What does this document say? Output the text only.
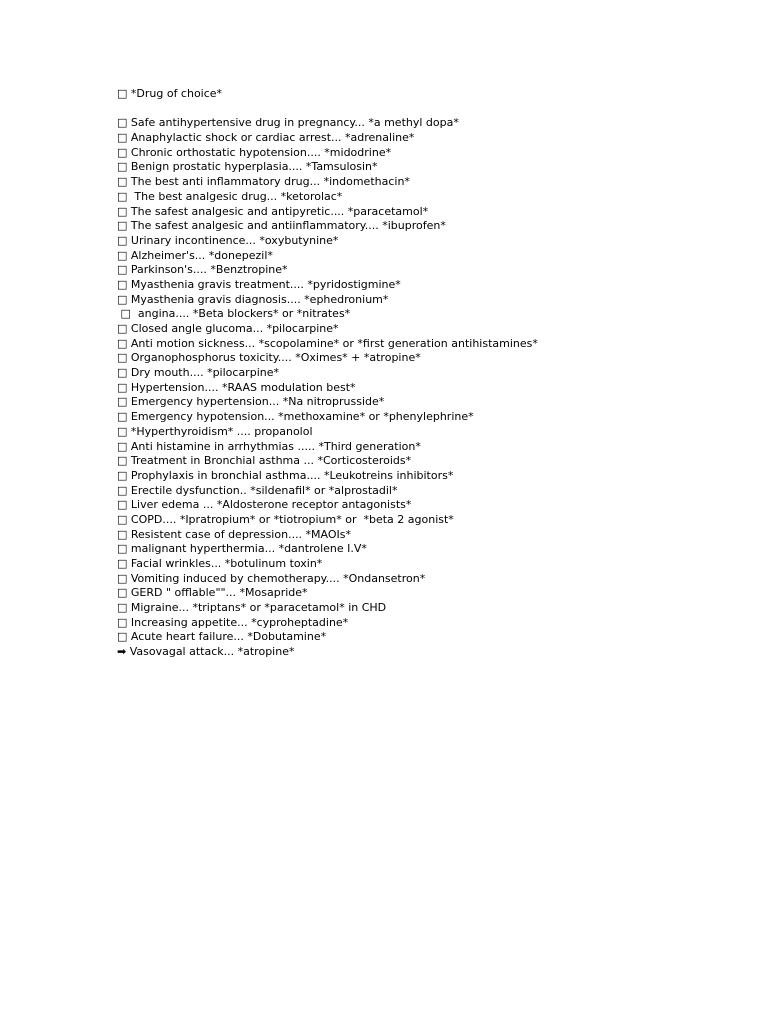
□ *Drug of choice*
□ Safe antihypertensive drug in pregnancy... *a methyl dopa*
□ Anaphylactic shock or cardiac arrest... *adrenaline*
□ Chronic orthostatic hypotension.... *midodrine*
□ Benign prostatic hyperplasia.... *Tamsulosin*
□ The best anti inflammatory drug... *indomethacin*
□  The best analgesic drug... *ketorolac*
□ The safest analgesic and antipyretic.... *paracetamol*
□ The safest analgesic and antiinflammatory.... *ibuprofen*
□ Urinary incontinence... *oxybutynine*
□ Alzheimer's... *donepezil*
□ Parkinson's.... *Benztropine*
□ Myasthenia gravis treatment.... *pyridostigmine*
□ Myasthenia gravis diagnosis.... *ephedronium*
□  angina.... *Beta blockers* or *nitrates*
□ Closed angle glucoma... *pilocarpine*
□ Anti motion sickness... *scopolamine* or *first generation antihistamines*
□ Organophosphorus toxicity.... *Oximes* + *atropine*
□ Dry mouth.... *pilocarpine*
□ Hypertension.... *RAAS modulation best*
□ Emergency hypertension... *Na nitroprusside*
□ Emergency hypotension... *methoxamine* or *phenylephrine*
□ *Hyperthyroidism* .... propanolol
□ Anti histamine in arrhythmias ..... *Third generation*
□ Treatment in Bronchial asthma ... *Corticosteroids*
□ Prophylaxis in bronchial asthma.... *Leukotreins inhibitors*
□ Erectile dysfunction.. *sildenafil* or *alprostadil*
□ Liver edema ... *Aldosterone receptor antagonists*
□ COPD.... *Ipratropium* or *tiotropium* or  *beta 2 agonist*
□ Resistent case of depression.... *MAOIs*
□ malignant hyperthermia... *dantrolene I.V*
□ Facial wrinkles... *botulinum toxin*
□ Vomiting induced by chemotherapy.... *Ondansetron*
□ GERD " offlable""... *Mosapride*
□ Migraine... *triptans* or *paracetamol* in CHD
□ Increasing appetite... *cyproheptadine*
□ Acute heart failure... *Dobutamine*
➡ Vasovagal attack... *atropine*
